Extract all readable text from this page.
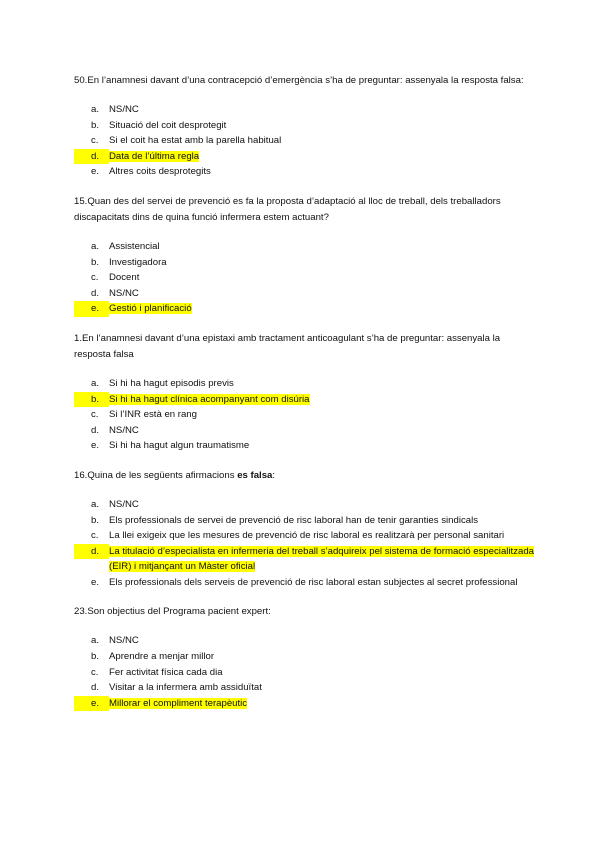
50.En l’anamnesi davant d’una contracepció d’emergència s’ha de preguntar: assenyala la resposta falsa:

a.	NS/NC
b.	Situació del coit desprotegit
c.	Si el coit ha estat amb la parella habitual
d.	Data de l’última regla
e.	Altres coits desprotegits

15.Quan des del servei de prevenció es fa la proposta d’adaptació al lloc de treball, dels treballadors discapacitats dins de quina funció infermera estem actuant?

a.	Assistencial
b.	Investigadora
c.	Docent
d.	NS/NC
e.	Gestió i planificació

1.En l’anamnesi davant d’una epistaxi amb tractament anticoagulant s’ha de preguntar: assenyala la resposta falsa

a.	Si hi ha hagut episodis previs
b.	Si hi ha hagut clínica acompanyant com disúria
c.	Si l’INR està en rang
d.	NS/NC
e.	Si hi ha hagut algun traumatisme

16.Quina de les següents afirmacions es falsa:

a.	NS/NC
b.	Els professionals de servei de prevenció de risc laboral han de tenir garanties sindicals
c.	La llei exigeix que les mesures de prevenció de risc laboral es realitzarà per personal sanitari
d.	La titulació d’especialista en infermeria del treball s’adquireix pel sistema de formació especialitzada (EIR) i mitjançant un Màster oficial
e.	Els professionals dels serveis de prevenció de risc laboral estan subjectes al secret professional

23.Son objectius del Programa pacient expert:

a.	NS/NC
b.	Aprendre a menjar millor
c.	Fer activitat física cada dia
d.	Visitar a la infermera amb assiduïtat
e.	Millorar el compliment terapèutic
